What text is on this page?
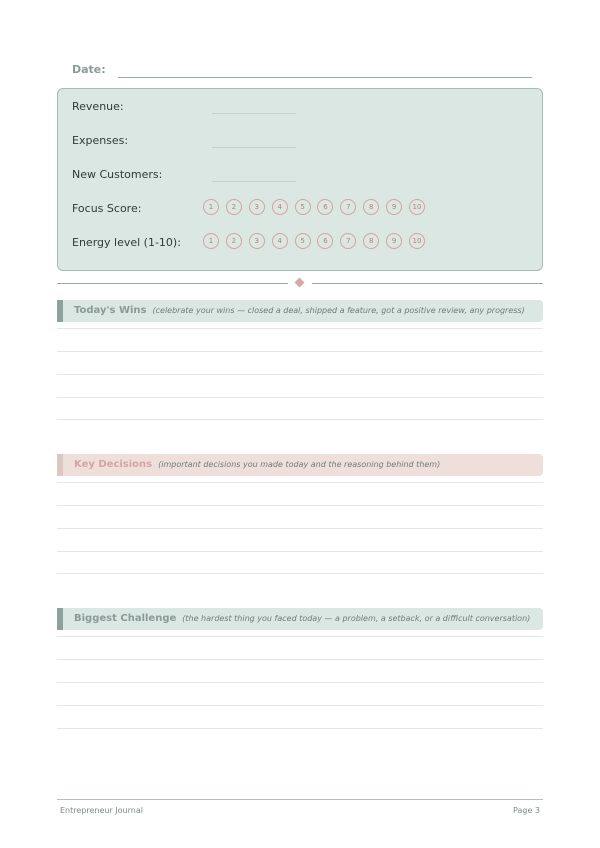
Date:
Revenue:
Expenses:
New Customers:
Focus Score:	1	2	3	4	5	6	7	8	9	10
Energy level (1-10):	1	2	3	4	5	6	7	8	9	10
Today's Wins (celebrate your wins — closed a deal, shipped a feature, got a positive review, any progress)
Key Decisions (important decisions you made today and the reasoning behind them)
Biggest Challenge (the hardest thing you faced today — a problem, a setback, or a difficult conversation)
Entrepreneur Journal	Page 3
